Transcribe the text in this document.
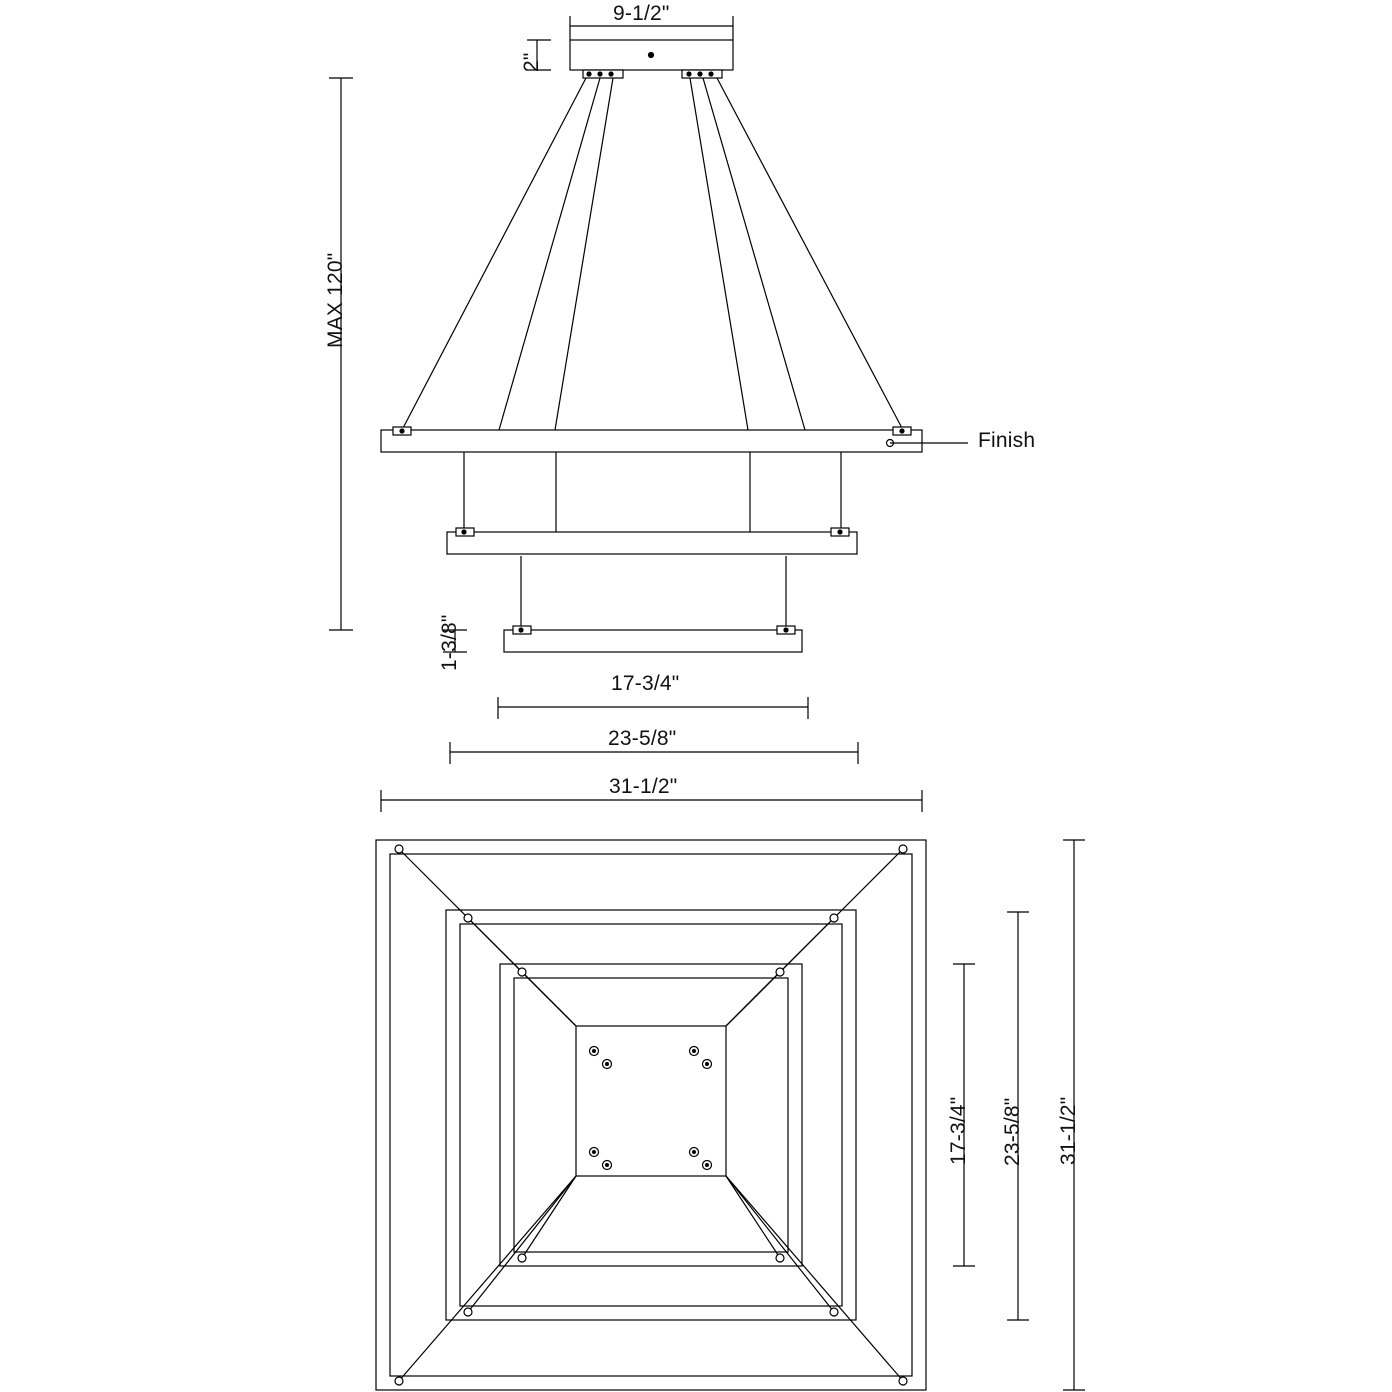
9-1/2"
2"
MAX 120"
1-3/8"
Finish
17-3/4"
23-5/8"
31-1/2"
17-3/4" 23-5/8" 31-1/2"
